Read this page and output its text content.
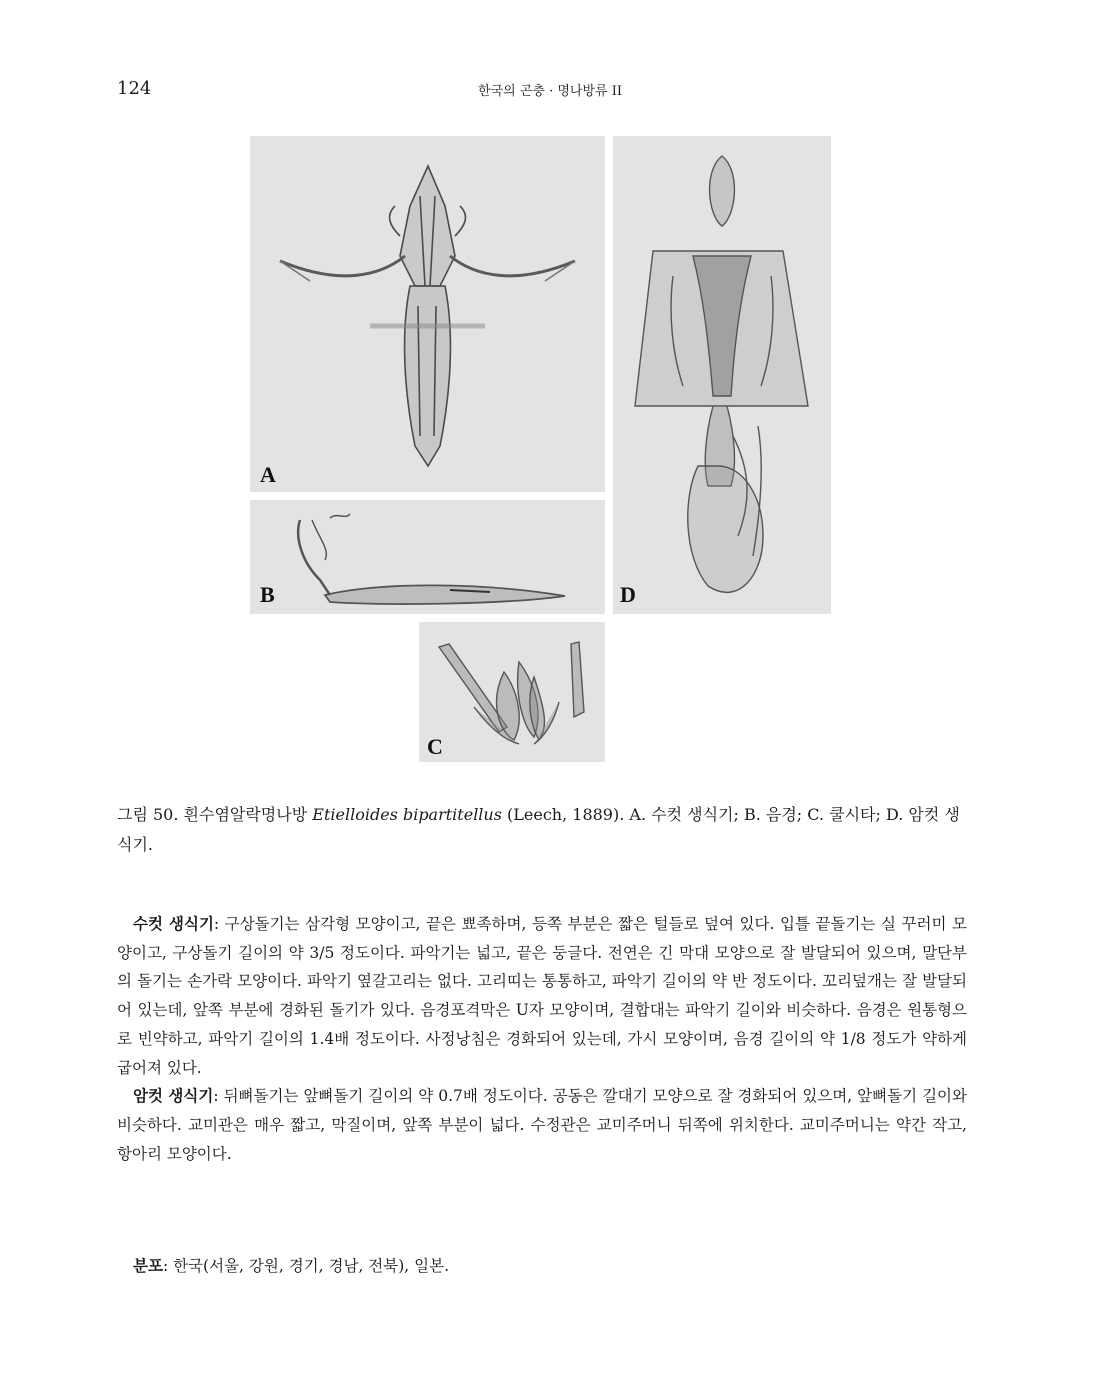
124	한국의 곤충 · 명나방류 II
A
B
C
D
그림 50. 흰수염알락명나방 Etielloides bipartitellus (Leech, 1889). A. 수컷 생식기; B. 음경; C. 쿨시타; D. 암컷 생식기.

수컷 생식기: 구상돌기는 삼각형 모양이고, 끝은 뾰족하며, 등쪽 부분은 짧은 털들로 덮여 있다. 입틀 끝돌기는 실 꾸러미 모양이고, 구상돌기 길이의 약 3/5 정도이다. 파악기는 넓고, 끝은 둥글다. 전연은 긴 막대 모양으로 잘 발달되어 있으며, 말단부의 돌기는 손가락 모양이다. 파악기 옆갈고리는 없다. 고리띠는 통통하고, 파악기 길이의 약 반 정도이다. 꼬리덮개는 잘 발달되어 있는데, 앞쪽 부분에 경화된 돌기가 있다. 음경포격막은 U자 모양이며, 결합대는 파악기 길이와 비슷하다. 음경은 원통형으로 빈약하고, 파악기 길이의 1.4배 정도이다. 사정낭침은 경화되어 있는데, 가시 모양이며, 음경 길이의 약 1/8 정도가 약하게 굽어져 있다.

암컷 생식기: 뒤뼈돌기는 앞뼈돌기 길이의 약 0.7배 정도이다. 공동은 깔대기 모양으로 잘 경화되어 있으며, 앞뼈돌기 길이와 비슷하다. 교미관은 매우 짧고, 막질이며, 앞쪽 부분이 넓다. 수정관은 교미주머니 뒤쪽에 위치한다. 교미주머니는 약간 작고, 항아리 모양이다.

분포: 한국(서울, 강원, 경기, 경남, 전북), 일본.
